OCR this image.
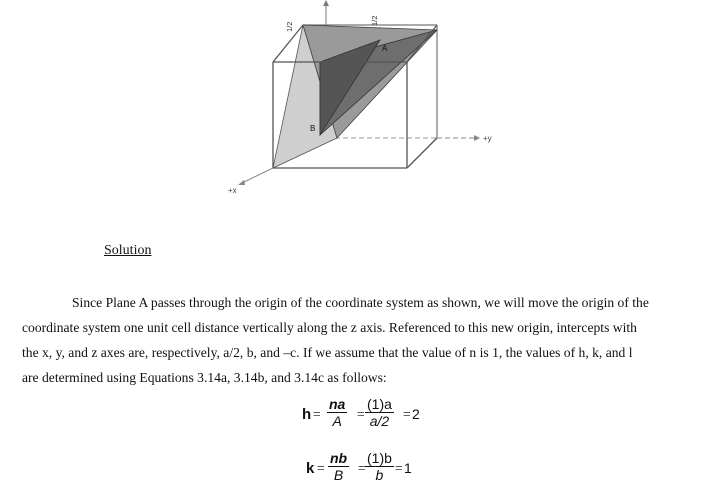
1/2
1/2
+y
+x
A
B
Solution
Since Plane A passes through the origin of the coordinate system as shown, we will move the origin of the
coordinate system one unit cell distance vertically along the z axis. Referenced to this new origin, intercepts with
the x, y, and z axes are, respectively, a/2, b, and –c. If we assume that the value of n is 1, the values of h, k, and l
are determined using Equations 3.14a, 3.14b, and 3.14c as follows:
$h = \frac{na}{A} = \frac{(1)a}{a/2} = 2$
$k = \frac{nb}{B} = \frac{(1)b}{b} = 1$
